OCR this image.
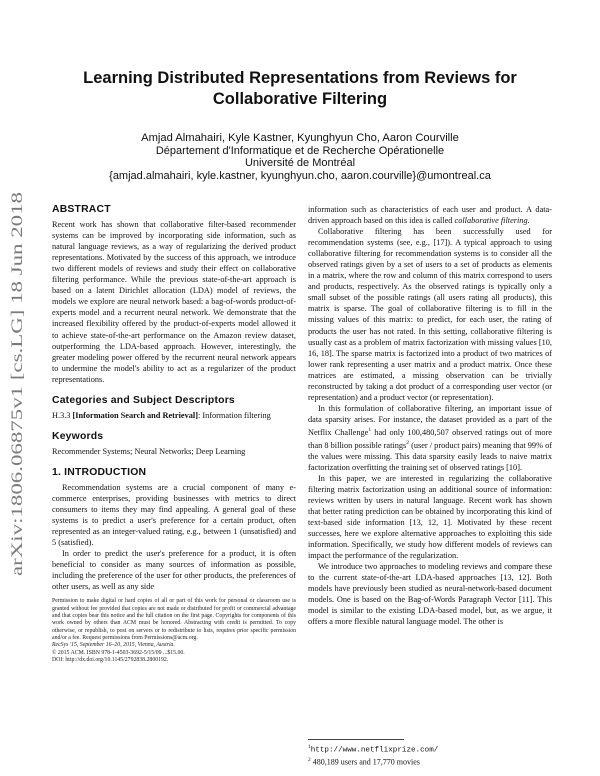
arXiv:1806.06875v1 [cs.LG] 18 Jun 2018
Learning Distributed Representations from Reviews for Collaborative Filtering
Amjad Almahairi, Kyle Kastner, Kyunghyun Cho, Aaron Courville
Département d'Informatique et de Recherche Opérationelle
Université de Montréal
{amjad.almahairi, kyle.kastner, kyunghyun.cho, aaron.courville}@umontreal.ca
ABSTRACT

Recent work has shown that collaborative filter-based recommender systems can be improved by incorporating side information, such as natural language reviews, as a way of regularizing the derived product representations. Motivated by the success of this approach, we introduce two different models of reviews and study their effect on collaborative filtering performance. While the previous state-of-the-art approach is based on a latent Dirichlet allocation (LDA) model of reviews, the models we explore are neural network based: a bag-of-words product-of-experts model and a recurrent neural network. We demonstrate that the increased flexibility offered by the product-of-experts model allowed it to achieve state-of-the-art performance on the Amazon review dataset, outperforming the LDA-based approach. However, interestingly, the greater modeling power offered by the recurrent neural network appears to undermine the model's ability to act as a regularizer of the product representations.

Categories and Subject Descriptors

H.3.3 [Information Search and Retrieval]: Information filtering

Keywords

Recommender Systems; Neural Networks; Deep Learning

1. INTRODUCTION

Recommendation systems are a crucial component of many e-commerce enterprises, providing businesses with metrics to direct consumers to items they may find appealing. A general goal of these systems is to predict a user's preference for a certain product, often represented as an integer-valued rating, e.g., between 1 (unsatisfied) and 5 (satisfied).

In order to predict the user's preference for a product, it is often beneficial to consider as many sources of information as possible, including the preference of the user for other products, the preferences of other users, as well as any side

Permission to make digital or hard copies of all or part of this work for personal or classroom use is granted without fee provided that copies are not made or distributed for profit or commercial advantage and that copies bear this notice and the full citation on the first page. Copyrights for components of this work owned by others than ACM must be honored. Abstracting with credit is permitted. To copy otherwise, or republish, to post on servers or to redistribute to lists, requires prior specific permission and/or a fee. Request permissions from Permissions@acm.org.

RecSys '15, September 16–20, 2015, Vienna, Austria.

© 2015 ACM. ISBN 978-1-4503-3692-5/15/09 ...$15.00.

DOI: http://dx.doi.org/10.1145/2792838.2800192.

information such as characteristics of each user and product. A data-driven approach based on this idea is called collaborative filtering.

Collaborative filtering has been successfully used for recommendation systems (see, e.g., [17]). A typical approach to using collaborative filtering for recommendation systems is to consider all the observed ratings given by a set of users to a set of products as elements in a matrix, where the row and column of this matrix correspond to users and products, respectively. As the observed ratings is typically only a small subset of the possible ratings (all users rating all products), this matrix is sparse. The goal of collaborative filtering is to fill in the missing values of this matrix: to predict, for each user, the rating of products the user has not rated. In this setting, collaborative filtering is usually cast as a problem of matrix factorization with missing values [10, 16, 18]. The sparse matrix is factorized into a product of two matrices of lower rank representing a user matrix and a product matrix. Once these matrices are estimated, a missing observation can be trivially reconstructed by taking a dot product of a corresponding user vector (or representation) and a product vector (or representation).

In this formulation of collaborative filtering, an important issue of data sparsity arises. For instance, the dataset provided as a part of the Netflix Challenge$^1$ had only 100,480,507 observed ratings out of more than 8 billion possible ratings$^2$ (user / product pairs) meaning that 99% of the values were missing. This data sparsity easily leads to naive matrix factorization overfitting the training set of observed ratings [10].

In this paper, we are interested in regularizing the collaborative filtering matrix factorization using an additional source of information: reviews written by users in natural language. Recent work has shown that better rating prediction can be obtained by incorporating this kind of text-based side information [13, 12, 1]. Motivated by these recent successes, here we explore alternative approaches to exploiting this side information. Specifically, we study how different models of reviews can impact the performance of the regularization.

We introduce two approaches to modeling reviews and compare these to the current state-of-the-art LDA-based approaches [13, 12]. Both models have previously been studied as neural-network-based document models. One is based on the Bag-of-Words Paragraph Vector [11]. This model is similar to the existing LDA-based model, but, as we argue, it offers a more flexible natural language model. The other is

$^1$http://www.netflixprize.com/
$^2$ 480,189 users and 17,770 movies
